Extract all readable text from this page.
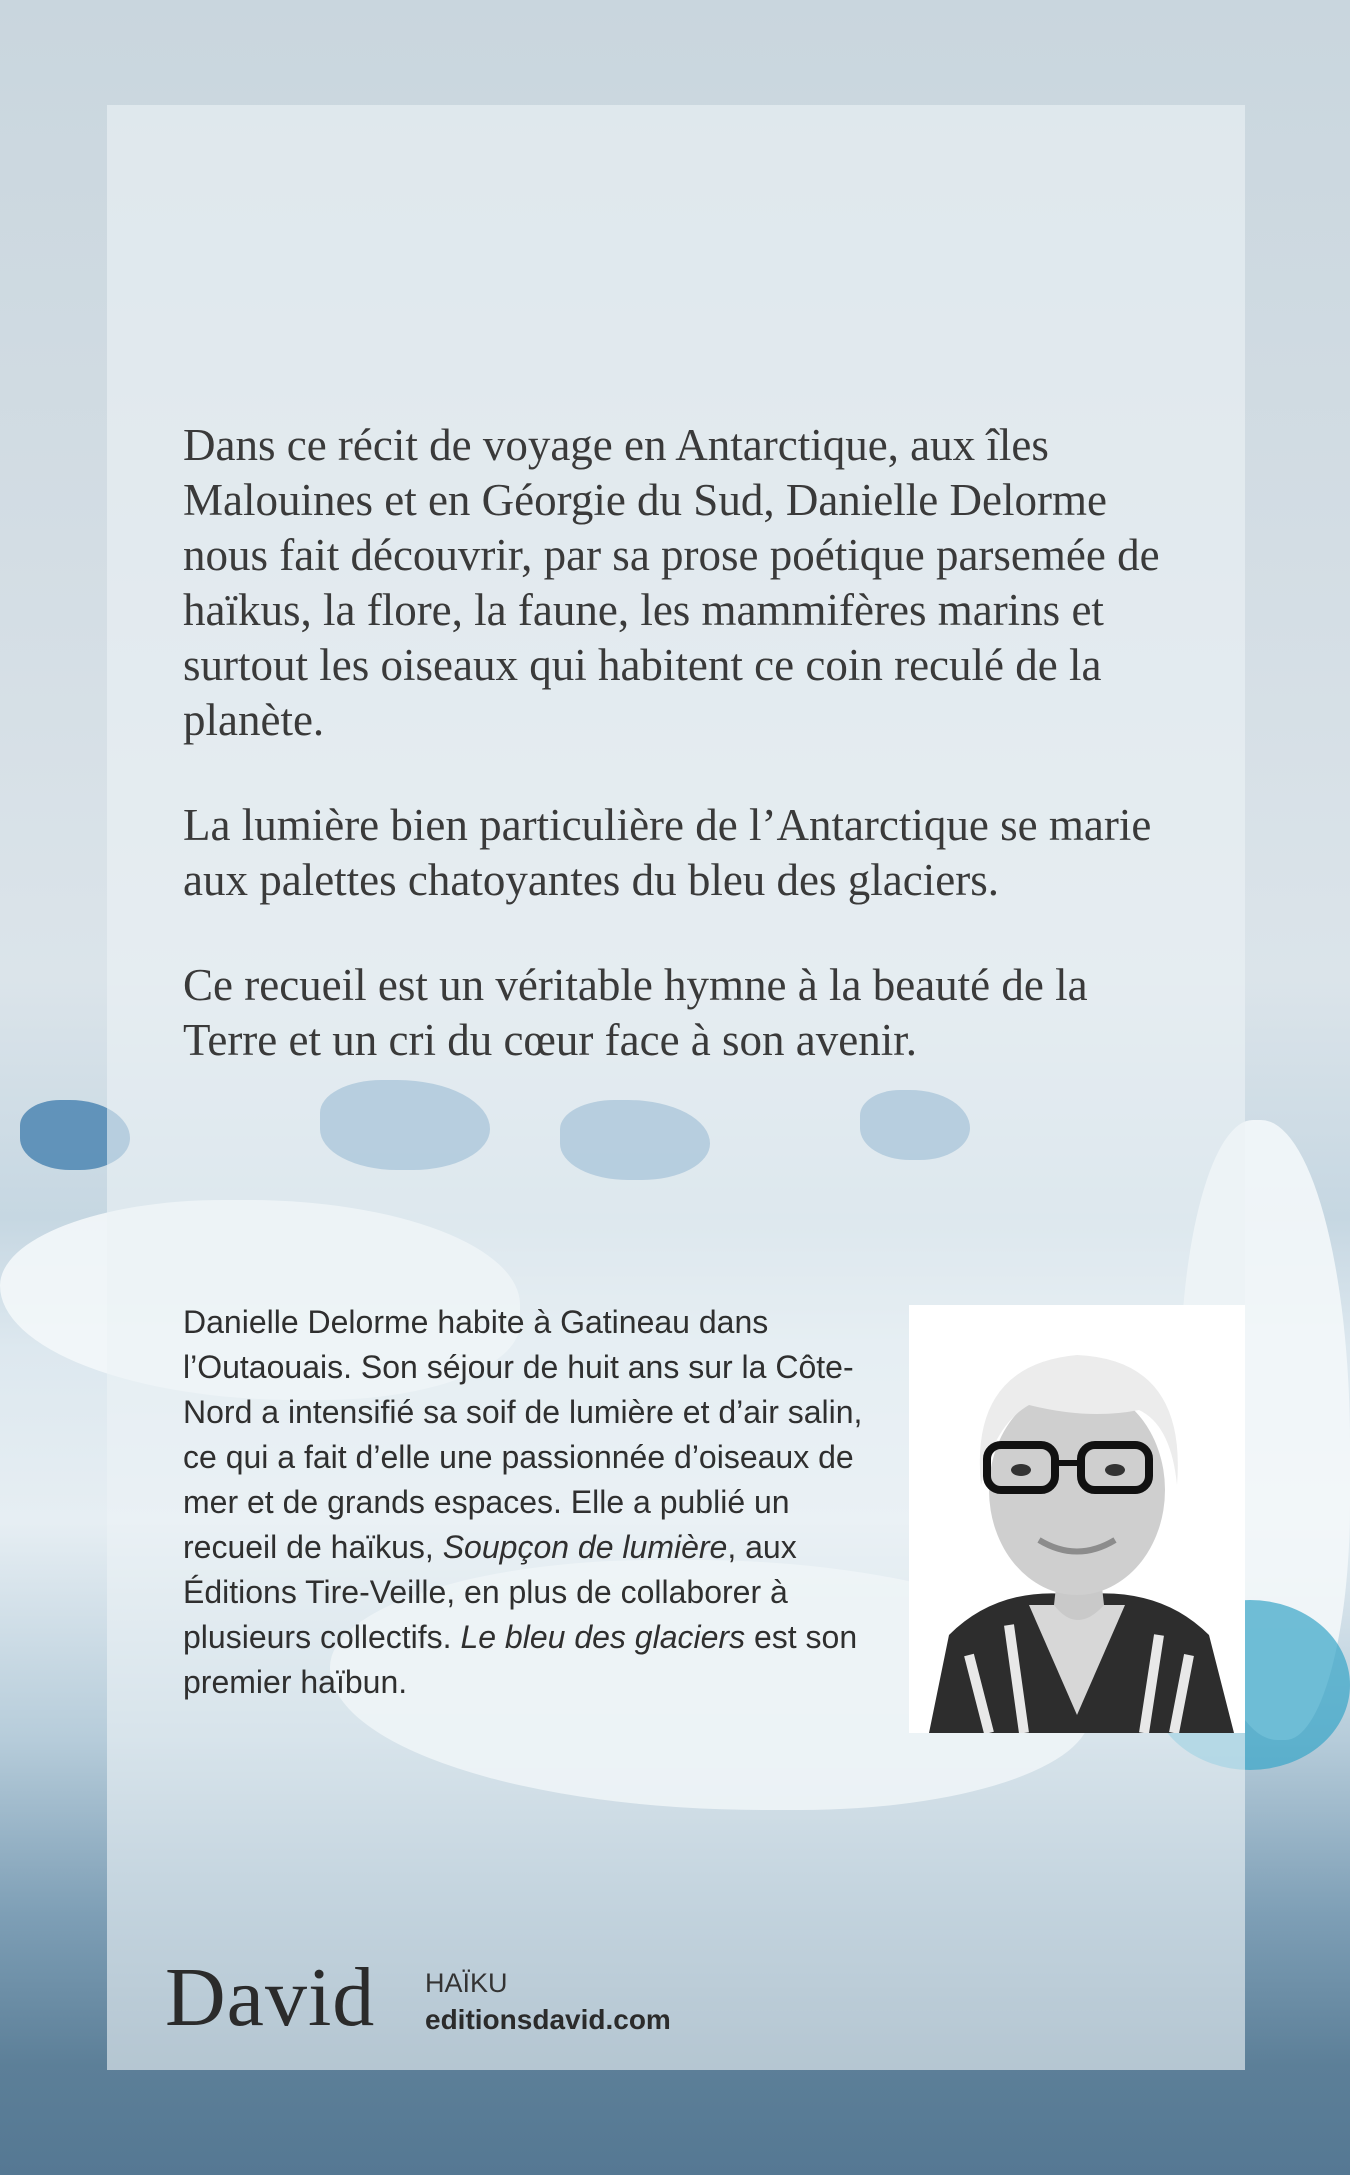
Dans ce récit de voyage en Antarctique, aux îles Malouines et en Géorgie du Sud, Danielle Delorme nous fait découvrir, par sa prose poétique parsemée de haïkus, la flore, la faune, les mammifères marins et surtout les oiseaux qui habitent ce coin reculé de la planète.

La lumière bien particulière de l’Antarctique se marie aux palettes chatoyantes du bleu des glaciers.

Ce recueil est un véritable hymne à la beauté de la Terre et un cri du cœur face à son avenir.

Danielle Delorme habite à Gatineau dans l’Outaouais. Son séjour de huit ans sur la Côte-Nord a intensifié sa soif de lumière et d’air salin, ce qui a fait d’elle une passionnée d’oiseaux de mer et de grands espaces. Elle a publié un recueil de haïkus, Soupçon de lumière, aux Éditions Tire-Veille, en plus de collaborer à plusieurs collectifs. Le bleu des glaciers est son premier haïbun.

David HAÏKU
editionsdavid.com
